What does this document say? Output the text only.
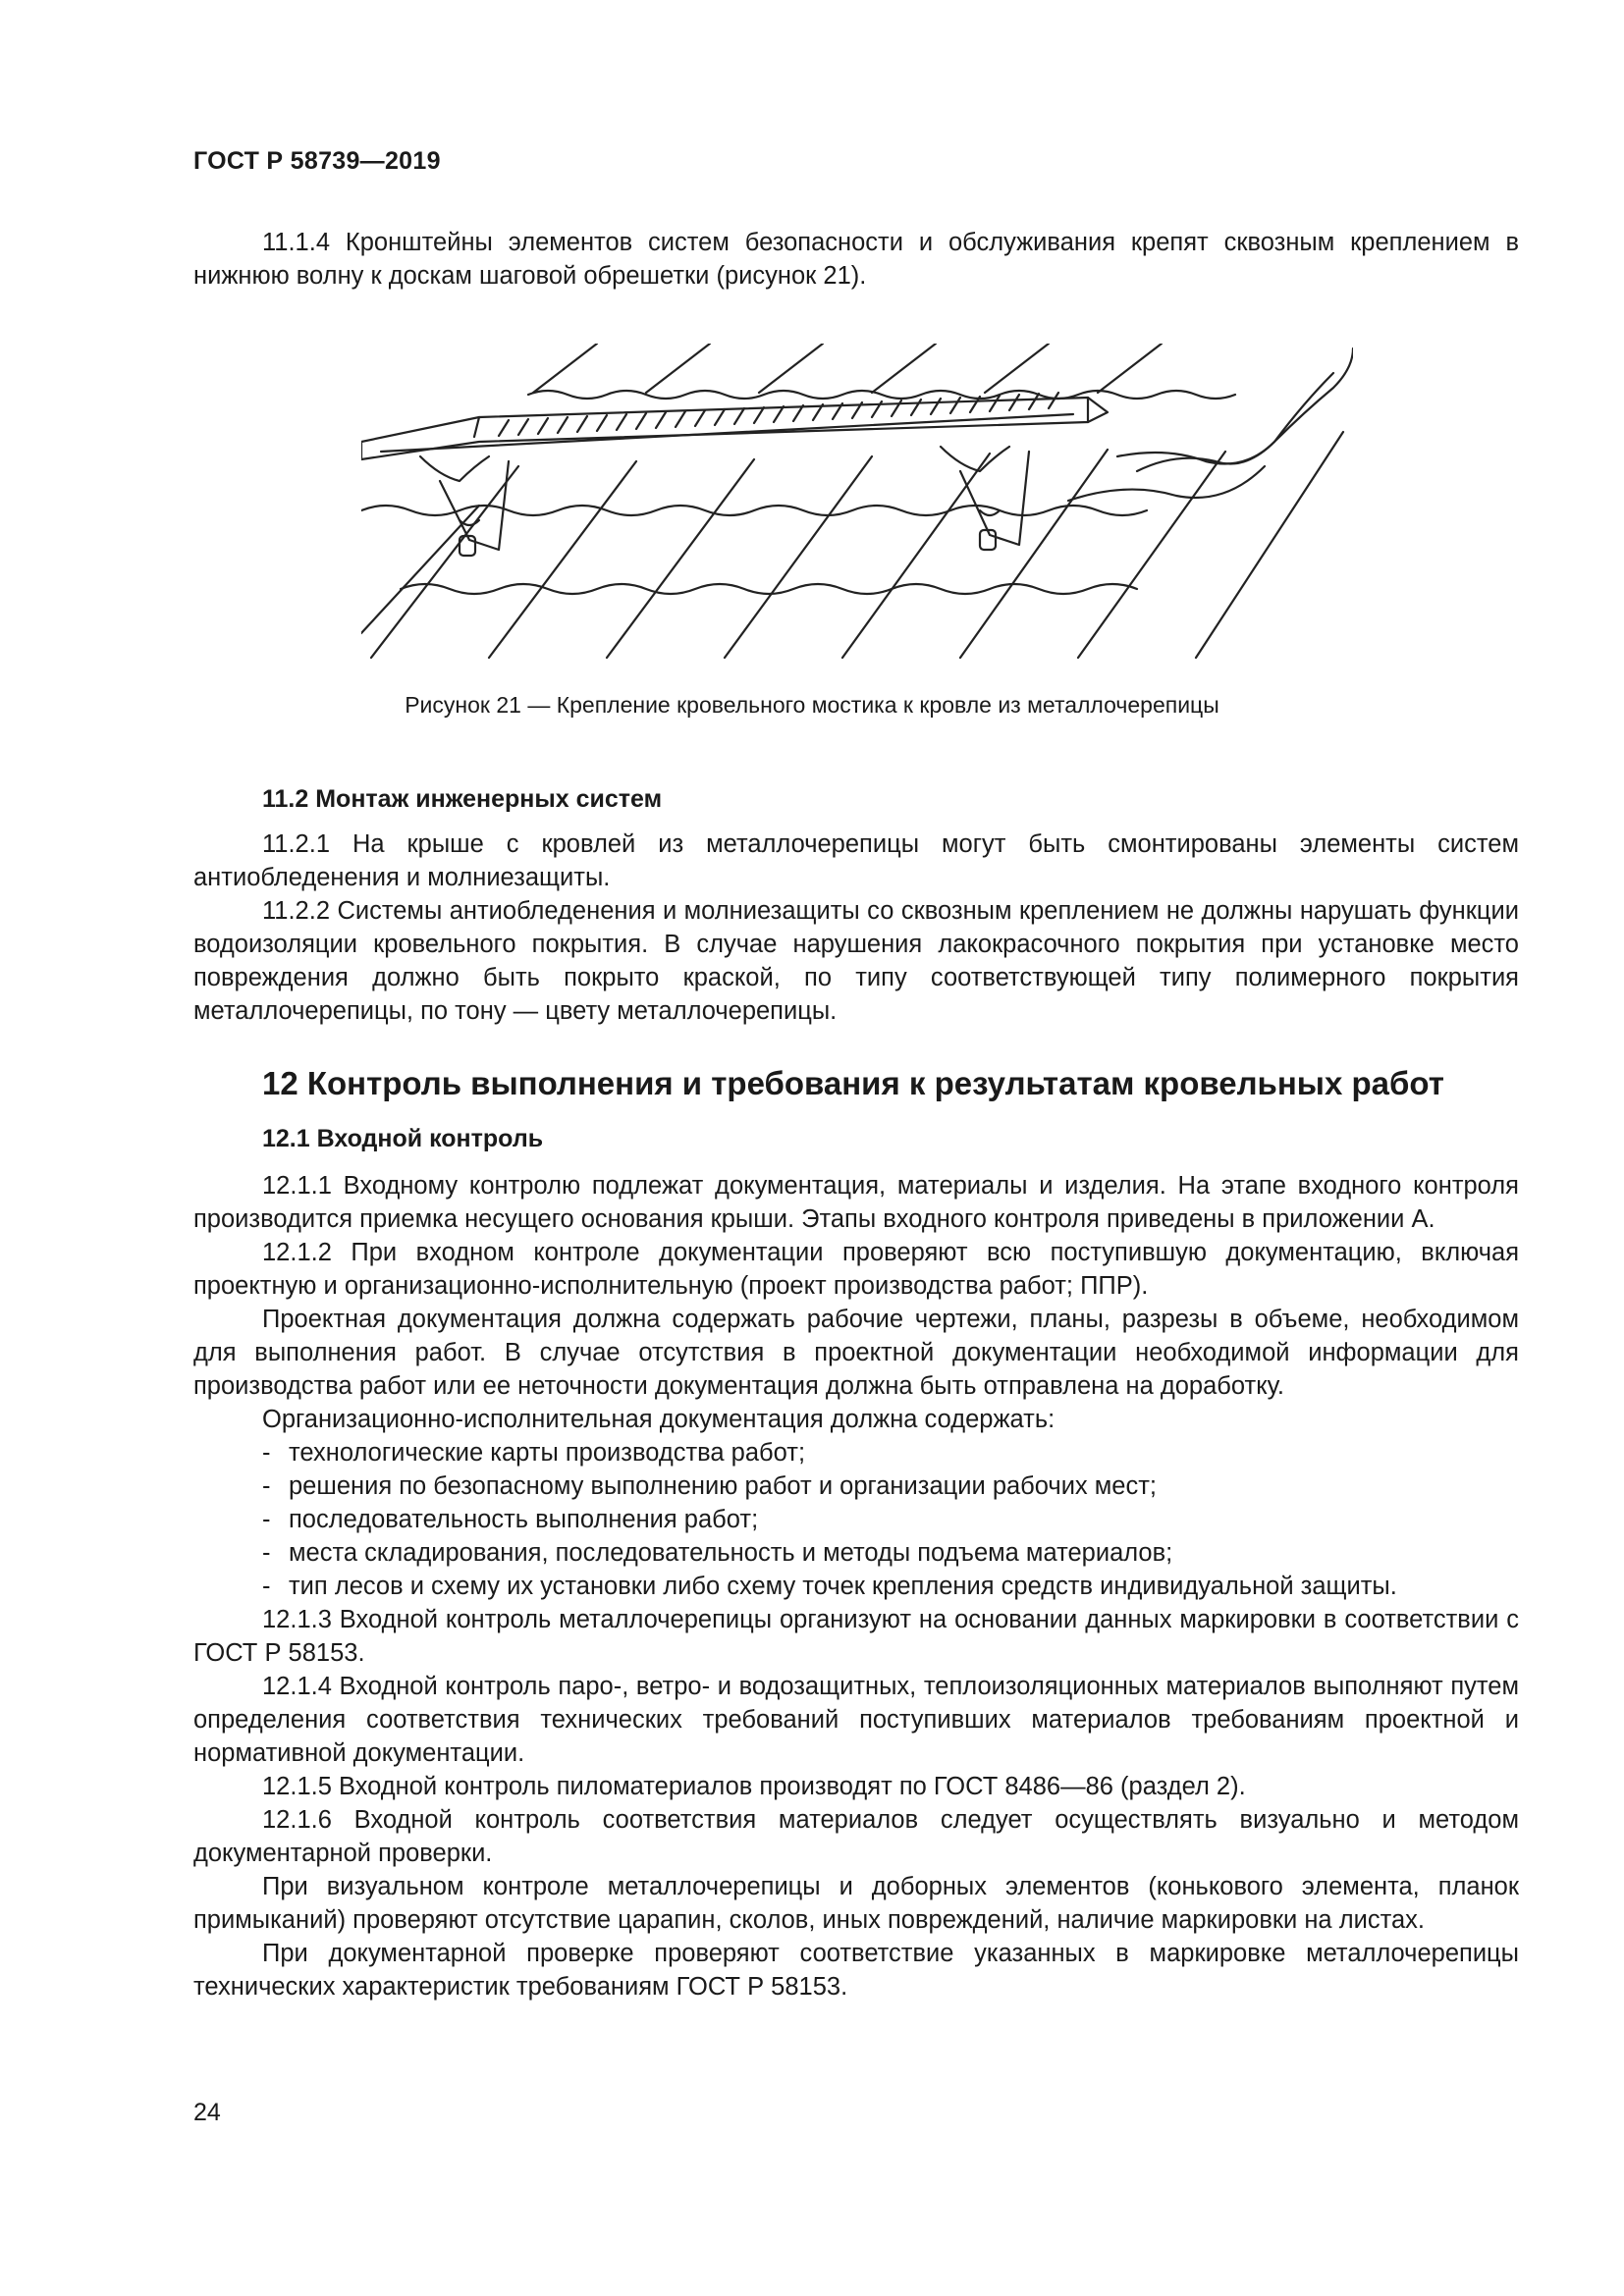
ГОСТ Р 58739—2019

11.1.4 Кронштейны элементов систем безопасности и обслуживания крепят сквозным креплением в нижнюю волну к доскам шаговой обрешетки (рисунок 21).

Рисунок 21 — Крепление кровельного мостика к кровле из металлочерепицы

11.2 Монтаж инженерных систем

11.2.1 На крыше с кровлей из металлочерепицы могут быть смонтированы элементы систем антиобледенения и молниезащиты.

11.2.2 Системы антиобледенения и молниезащиты со сквозным креплением не должны нарушать функции водоизоляции кровельного покрытия. В случае нарушения лакокрасочного покрытия при установке место повреждения должно быть покрыто краской, по типу соответствующей типу полимерного покрытия металлочерепицы, по тону — цвету металлочерепицы.

12 Контроль выполнения и требования к результатам кровельных работ

12.1 Входной контроль

12.1.1 Входному контролю подлежат документация, материалы и изделия. На этапе входного контроля производится приемка несущего основания крыши. Этапы входного контроля приведены в приложении А.

12.1.2 При входном контроле документации проверяют всю поступившую документацию, включая проектную и организационно-исполнительную (проект производства работ; ППР).

Проектная документация должна содержать рабочие чертежи, планы, разрезы в объеме, необходимом для выполнения работ. В случае отсутствия в проектной документации необходимой информации для производства работ или ее неточности документация должна быть отправлена на доработку.

Организационно-исполнительная документация должна содержать:

- технологические карты производства работ;
- решения по безопасному выполнению работ и организации рабочих мест;
- последовательность выполнения работ;
- места складирования, последовательность и методы подъема материалов;
- тип лесов и схему их установки либо схему точек крепления средств индивидуальной защиты.

12.1.3 Входной контроль металлочерепицы организуют на основании данных маркировки в соответствии с ГОСТ Р 58153.

12.1.4 Входной контроль паро-, ветро- и водозащитных, теплоизоляционных материалов выполняют путем определения соответствия технических требований поступивших материалов требованиям проектной и нормативной документации.

12.1.5 Входной контроль пиломатериалов производят по ГОСТ 8486—86 (раздел 2).

12.1.6 Входной контроль соответствия материалов следует осуществлять визуально и методом документарной проверки.

При визуальном контроле металлочерепицы и доборных элементов (конькового элемента, планок примыканий) проверяют отсутствие царапин, сколов, иных повреждений, наличие маркировки на листах.

При документарной проверке проверяют соответствие указанных в маркировке металлочерепицы технических характеристик требованиям ГОСТ Р 58153.

24
